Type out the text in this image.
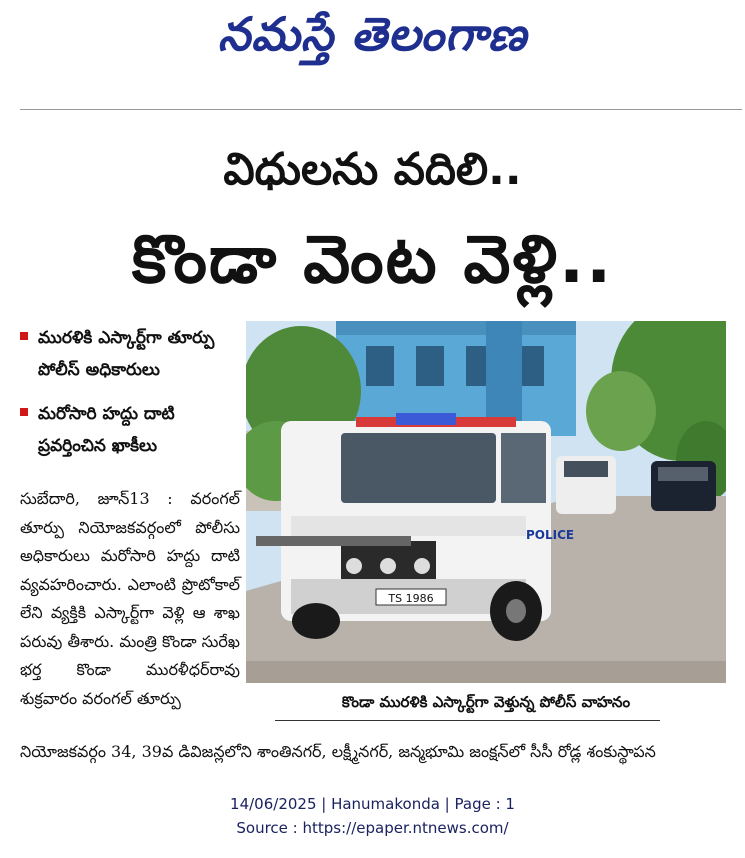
నమస్తే తెలంగాణ
విధులను వదిలి..
కొండా వెంట వెళ్లి..
మురళికి ఎస్కార్ట్‌గా తూర్పు పోలీస్ అధికారులు
మరోసారి హద్దు దాటి ప్రవర్తించిన ఖాకీలు
సుబేదారి, జూన్13 : వరంగల్ తూర్పు నియోజకవర్గంలో పోలీసు అధికారులు మరోసారి హద్దు దాటి వ్యవహరించారు. ఎలాంటి ప్రొటోకాల్ లేని వ్యక్తికి ఎస్కార్ట్‌గా వెళ్లి ఆ శాఖ పరువు తీశారు. మంత్రి కొండా సురేఖ భర్త కొండా మురళీధర్‌రావు శుక్రవారం వరంగల్ తూర్పు
నియోజకవర్గం 34, 39వ డివిజన్లలోని శాంతినగర్, లక్ష్మీనగర్, జన్మభూమి జంక్షన్‌లో సీసీ రోడ్ల శంకుస్థాపన
TS 1986
POLICE
కొండా మురళికి ఎస్కార్ట్‌గా వెళ్తున్న పోలీస్ వాహనం
14/06/2025 | Hanumakonda | Page : 1
Source : https://epaper.ntnews.com/
